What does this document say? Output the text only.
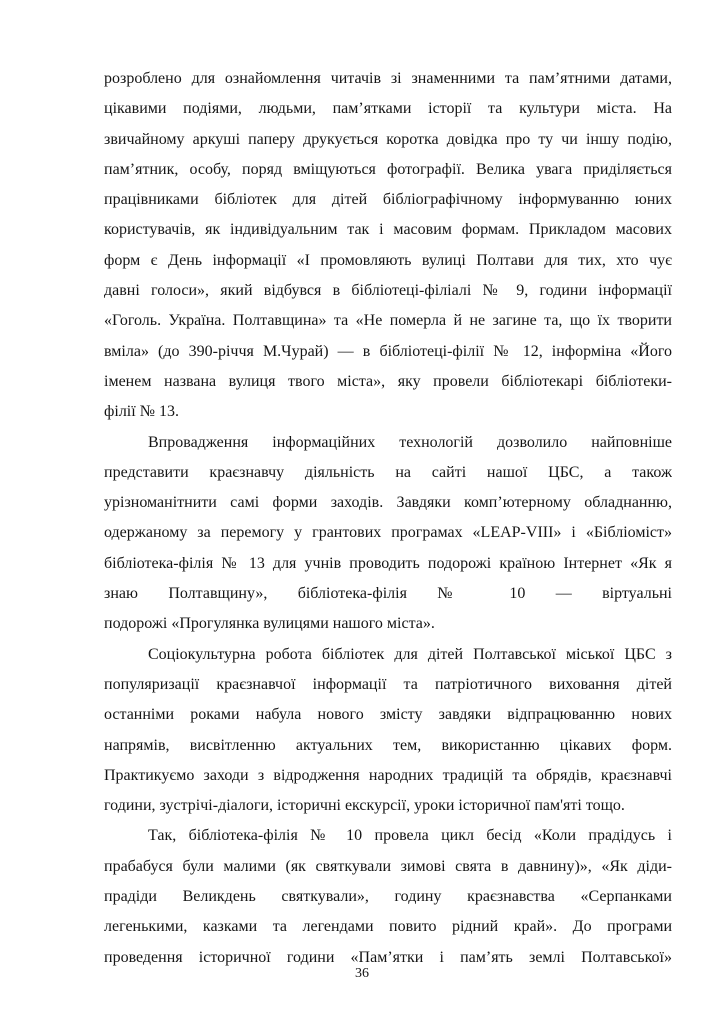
розроблено для ознайомлення читачів зі знаменними та пам’ятними датами,
цікавими подіями, людьми, пам’ятками історії та культури міста. На
звичайному аркуші паперу друкується коротка довідка про ту чи іншу подію,
пам’ятник, особу, поряд вміщуються фотографії. Велика увага приділяється
працівниками бібліотек для дітей бібліографічному інформуванню юних
користувачів, як індивідуальним так і масовим формам. Прикладом масових
форм є День інформації «І промовляють вулиці Полтави для тих, хто чує
давні голоси», який відбувся в бібліотеці-філіалі № 9, години інформації
«Гоголь. Україна. Полтавщина» та «Не померла й не загине та, що їх творити
вміла» (до 390-річчя М.Чурай) — в бібліотеці-філії № 12, інформіна «Його
іменем названа вулиця твого міста», яку провели бібліотекарі бібліотеки-
філії № 13.
Впровадження інформаційних технологій дозволило найповніше
представити краєзнавчу діяльність на сайті нашої ЦБС, а також
урізноманітнити самі форми заходів. Завдяки комп’ютерному обладнанню,
одержаному за перемогу у грантових програмах «LEAP-VIII» і «Бібліоміст»
бібліотека-філія № 13 для учнів проводить подорожі країною Інтернет «Як я
знаю Полтавщину», бібліотека-філія № 10 — віртуальні
подорожі «Прогулянка вулицями нашого міста».
Соціокультурна робота бібліотек для дітей Полтавської міської ЦБС з
популяризації краєзнавчої інформації та патріотичного виховання дітей
останніми роками набула нового змісту завдяки відпрацюванню нових
напрямів, висвітленню актуальних тем, використанню цікавих форм.
Практикуємо заходи з відродження народних традицій та обрядів, краєзнавчі
години, зустрічі-діалоги, історичні екскурсії, уроки історичної пам'яті тощо.
Так, бібліотека-філія № 10 провела цикл бесід «Коли прадідусь і
прабабуся були малими (як святкували зимові свята в давнину)», «Як діди-
прадіди Великдень святкували», годину краєзнавства «Серпанками
легенькими, казками та легендами повито рідний край». До програми
проведення історичної години «Пам’ятки і пам’ять землі Полтавської»
36
